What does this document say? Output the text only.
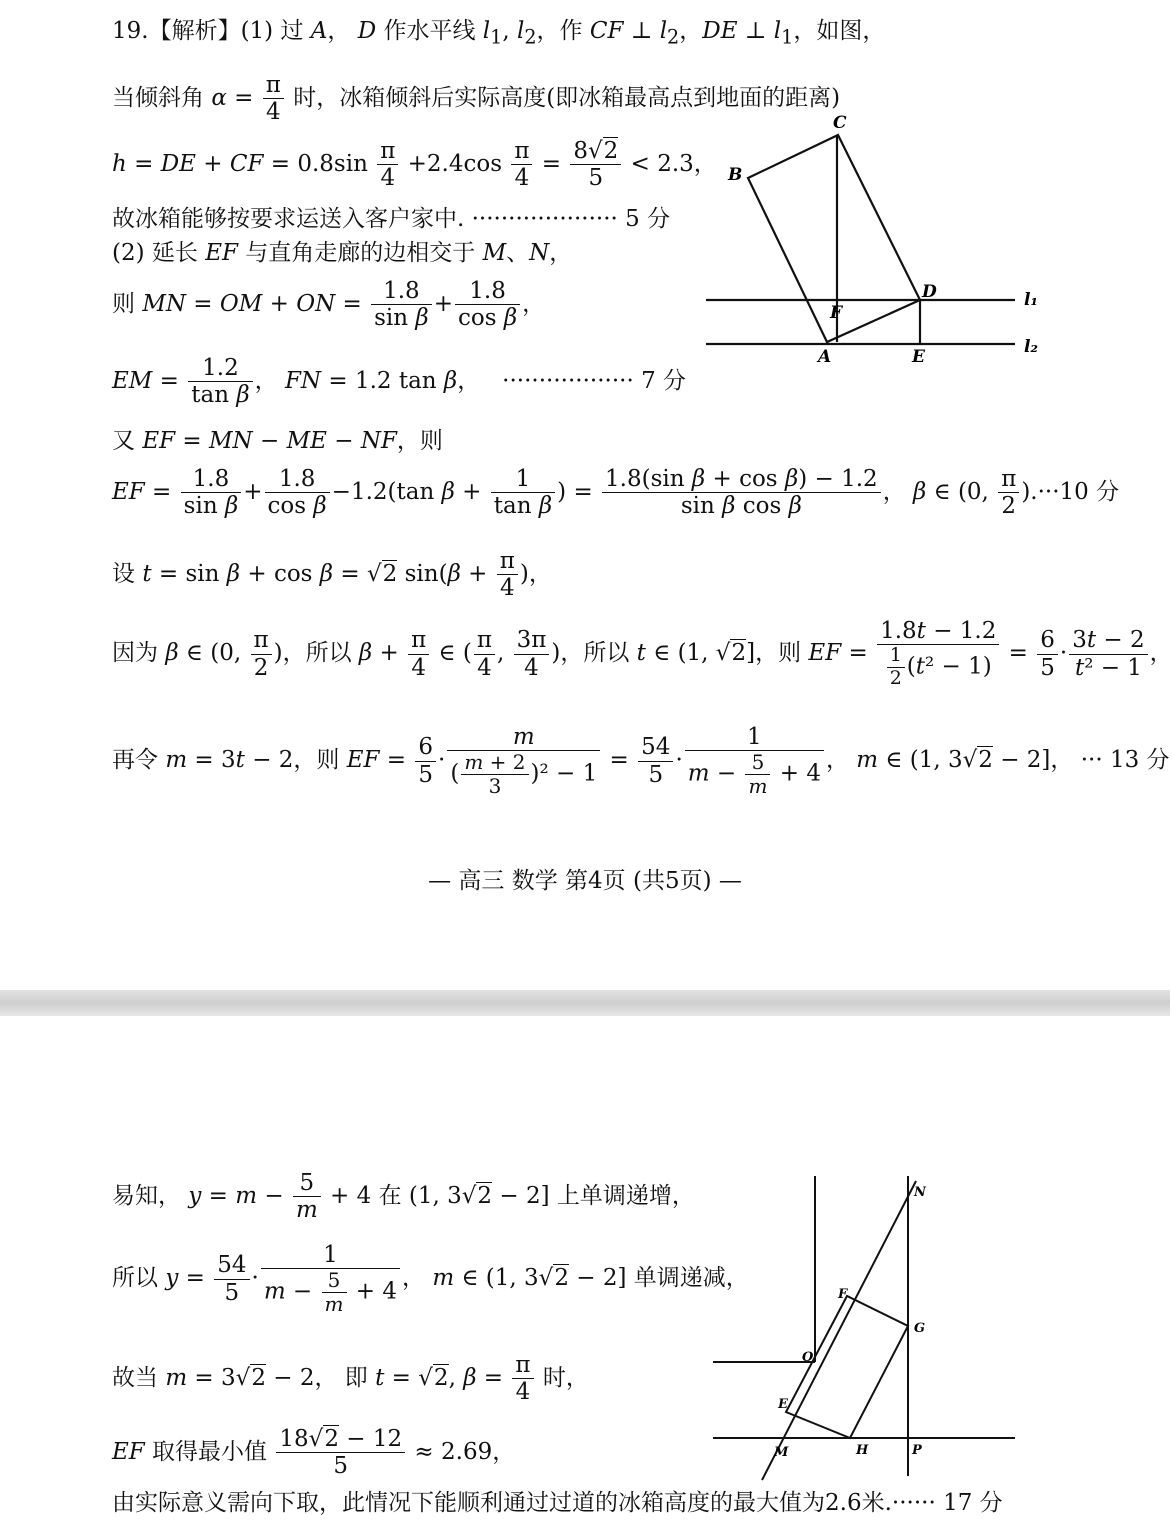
19.【解析】(1) 过 A， D 作水平线 $l_1$, $l_2$，作 CF ⊥ $l_2$，DE ⊥ $l_1$，如图，
当倾斜角 $\alpha = \frac{\pi}{4}$ 时，冰箱倾斜后实际高度(即冰箱最高点到地面的距离)
h = DE + CF = $0.8\sin \frac{\pi}{4} +2.4\cos \frac{\pi}{4} = \frac{8√2}{5} < 2.3$，
故冰箱能够按要求运送入客户家中. ···················· 5 分
(2) 延长 EF 与直角走廊的边相交于 M、N，
则 MN = OM + ON = $\frac{1.8}{\text{sin β}} + \frac{1.8}{\text{cos β}}$ ，
EM = $\frac{1.2}{\text{tan β}}$ ， FN = 1.2 tan β，   ·················· 7 分
又 EF = MN − ME − NF，则
EF = $\frac{1.8}{\text{sin β}} + \frac{1.8}{\text{cos β}} -1.2(\tan$ $\beta + \frac{1}{\text{tan β}}$ ) = $\frac{\text{1.8(sin β + cos β) − 1.2}}{\text{sin β cos β}}$ ， β ∈ (0, $\frac{\pi}{2} ).\cdot\cdot\cdot 10$ 分
设 t = sin β + cos β = √2 $\sin(\beta + \frac{\pi}{4}$ )，
因为 β ∈ (0, $\frac{\pi}{2}$ )，所以 $\beta + \frac{\pi}{4}$ ∈ ( $\frac{\pi}{4}$ , $\frac{3\pi}{4}$ )，所以 t ∈ (1, √2]，则 EF = $\frac{1.8t - 1.2}{\frac{1}{2} (t^2 - 1)} = \frac{6}{5} \cdot \frac{3t - 2}{\text{t² − 1}}$ ，
再令 m = 3t − 2，则 EF = $\frac{6}{5} \cdot \frac{m}{( \frac{m + 2}{3} )^2 - 1} = \frac{54}{5} \cdot \frac{1}{m - \frac{5}{m} + 4}$ ， m ∈ (1, 3√2 − 2]， ··· 13 分
— 高三 数学 第4页 (共5页) —
C
B
D
F
A	E
l₁
l₂
易知， $y = m - \frac{5}{m} + 4$ 在 (1, 3√2 − 2] 上单调递增，
所以 $y = \frac{54}{5} \cdot \frac{1}{m - \frac{5}{m} + 4}$ ， m ∈ (1, 3√2 − 2] 单调递减，
故当 m = 3√2 − 2， 即 t = √2, $\beta = \frac{\pi}{4}$ 时，
EF 取得最小值 $\frac{18√2 - 12}{5} \approx 2.69$，
由实际意义需向下取，此情况下能顺利通过过道的冰箱高度的最大值为2.6米.······ 17 分
N
F
G
O
E
M	H	P
